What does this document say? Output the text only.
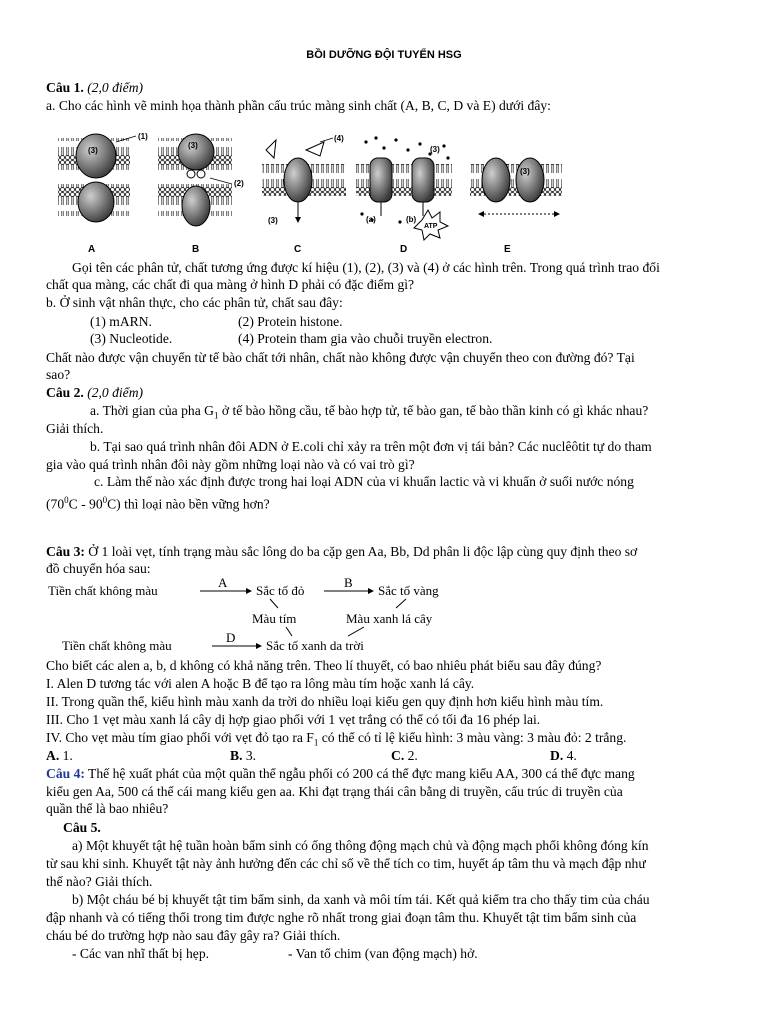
BỒI DƯỠNG ĐỘI TUYỂN HSG
Câu 1. (2,0 điểm)
a. Cho các hình vẽ minh họa thành phần cấu trúc màng sinh chất (A, B, C, D và E) dưới đây:
(3)
(1)
(3)
(2)
(4)
(3)	(a)	(b)
(3)
ATP
(3)
A	B	C	D	E
Gọi tên các phân tử, chất tương ứng được kí hiệu (1), (2), (3) và (4) ở các hình trên. Trong quá trình trao đổi
chất qua màng, các chất đi qua màng ở hình D phải có đặc điểm gì?
b. Ở sinh vật nhân thực, cho các phân tử, chất sau đây:
(1) mARN.	(2) Protein histone.
(3) Nucleotide.	(4) Protein tham gia vào chuỗi truyền electron.
Chất nào được vận chuyển từ tế bào chất tới nhân, chất nào không được vận chuyển theo con đường đó? Tại
sao?
Câu 2. (2,0 điểm)
a. Thời gian của pha $G_1$ ở tế bào hồng cầu, tế bào hợp tử, tế bào gan, tế bào thần kinh có gì khác nhau?
Giải thích.
b. Tại sao quá trình nhân đôi ADN ở E.coli chỉ xảy ra trên một đơn vị tái bản? Các nuclêôtit tự do tham
gia vào quá trình nhân đôi này gồm những loại nào và có vai trò gì?
c. Làm thế nào xác định được trong hai loại ADN của vi khuẩn lactic và vi khuẩn ở suối nước nóng
$(70^0C - 90^0C)$ thì loại nào bền vững hơn?
Câu 3: Ở 1 loài vẹt, tính trạng màu sắc lông do ba cặp gen Aa, Bb, Dd phân li độc lập cùng quy định theo sơ
đồ chuyển hóa sau:
Tiền chất không màu
A
Sắc tố đỏ
B
Sắc tố vàng
Màu tím	Màu xanh lá cây
Tiền chất không màu
D
Sắc tố xanh da trời
Cho biết các alen a, b, d không có khả năng trên. Theo lí thuyết, có bao nhiêu phát biểu sau đây đúng?
I. Alen D tương tác với alen A hoặc B để tạo ra lông màu tím hoặc xanh lá cây.
II. Trong quần thể, kiểu hình màu xanh da trời do nhiều loại kiểu gen quy định hơn kiểu hình màu tím.
III. Cho 1 vẹt màu xanh lá cây dị hợp giao phối với 1 vẹt trắng có thể có tối đa 16 phép lai.
IV. Cho vẹt màu tím giao phối với vẹt đỏ tạo ra $F_1$ có thể có tỉ lệ kiểu hình: 3 màu vàng: 3 màu đỏ: 2 trắng.
A. 1.	B. 3.	C. 2.	D. 4.
Câu 4: Thế hệ xuất phát của một quần thể ngẫu phối có 200 cá thể đực mang kiểu AA, 300 cá thể đực mang
kiểu gen Aa, 500 cá thể cái mang kiểu gen aa. Khi đạt trạng thái cân bằng di truyền, cấu trúc di truyền của
quần thể là bao nhiêu?
Câu 5.
a) Một khuyết tật hệ tuần hoàn bẩm sinh có ống thông động mạch chủ và động mạch phổi không đóng kín
từ sau khi sinh. Khuyết tật này ảnh hưởng đến các chỉ số về thể tích co tim, huyết áp tâm thu và mạch đập như
thế nào? Giải thích.
b) Một cháu bé bị khuyết tật tim bẩm sinh, da xanh và môi tím tái. Kết quả kiểm tra cho thấy tim của cháu
đập nhanh và có tiếng thổi trong tim được nghe rõ nhất trong giai đoạn tâm thu. Khuyết tật tim bẩm sinh của
cháu bé do trường hợp nào sau đây gây ra? Giải thích.
- Các van nhĩ thất bị hẹp.	- Van tổ chim (van động mạch) hở.
